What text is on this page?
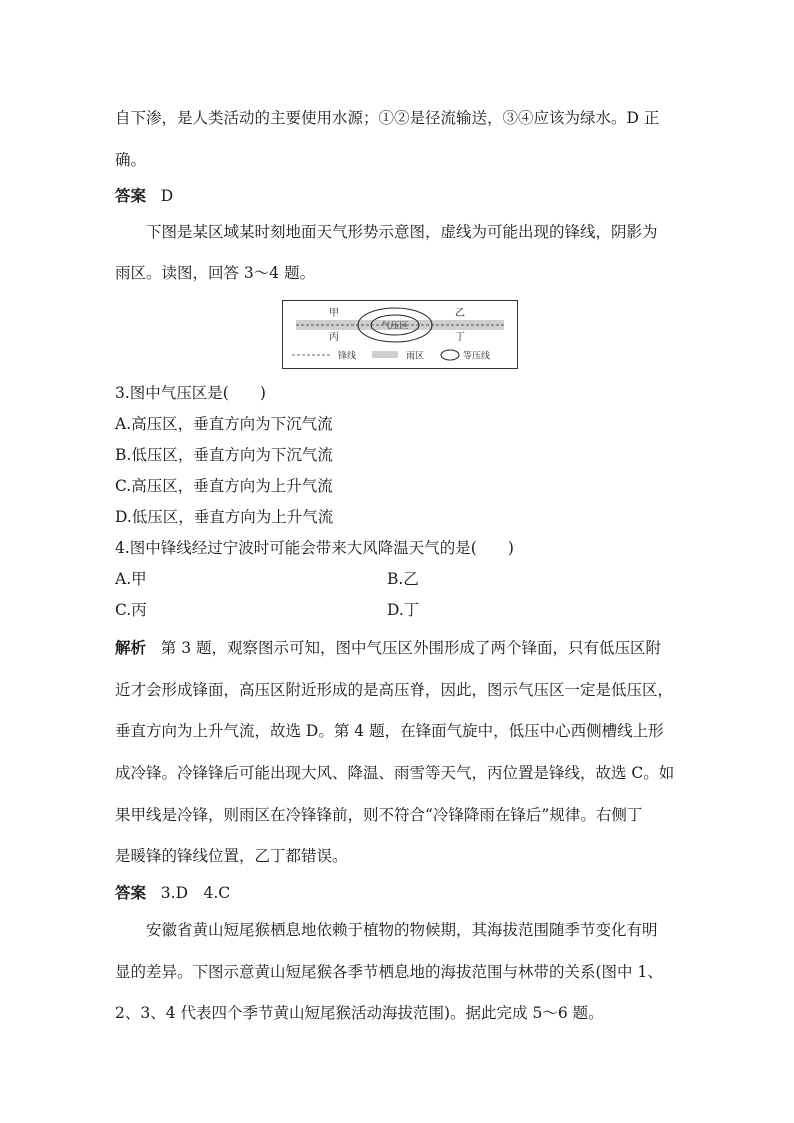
自下渗，是人类活动的主要使用水源；①②是径流输送，③④应该为绿水。D 正
确。
答案 D
下图是某区域某时刻地面天气形势示意图，虚线为可能出现的锋线，阴影为
雨区。读图，回答 3～4 题。
气压区
甲	乙
丙	丁
锋线	雨区	等压线
3.图中气压区是(　　)
A.高压区，垂直方向为下沉气流
B.低压区，垂直方向为下沉气流
C.高压区，垂直方向为上升气流
D.低压区，垂直方向为上升气流
4.图中锋线经过宁波时可能会带来大风降温天气的是(　　)
A.甲	B.乙
C.丙	D.丁
解析 第 3 题，观察图示可知，图中气压区外围形成了两个锋面，只有低压区附
近才会形成锋面，高压区附近形成的是高压脊，因此，图示气压区一定是低压区，
垂直方向为上升气流，故选 D。第 4 题，在锋面气旋中，低压中心西侧槽线上形
成冷锋。冷锋锋后可能出现大风、降温、雨雪等天气，丙位置是锋线，故选 C。如
果甲线是冷锋，则雨区在冷锋锋前，则不符合“冷锋降雨在锋后”规律。右侧丁
是暖锋的锋线位置，乙丁都错误。
答案 3.D　4.C
安徽省黄山短尾猴栖息地依赖于植物的物候期，其海拔范围随季节变化有明
显的差异。下图示意黄山短尾猴各季节栖息地的海拔范围与林带的关系(图中 1、
2、3、4 代表四个季节黄山短尾猴活动海拔范围)。据此完成 5～6 题。
